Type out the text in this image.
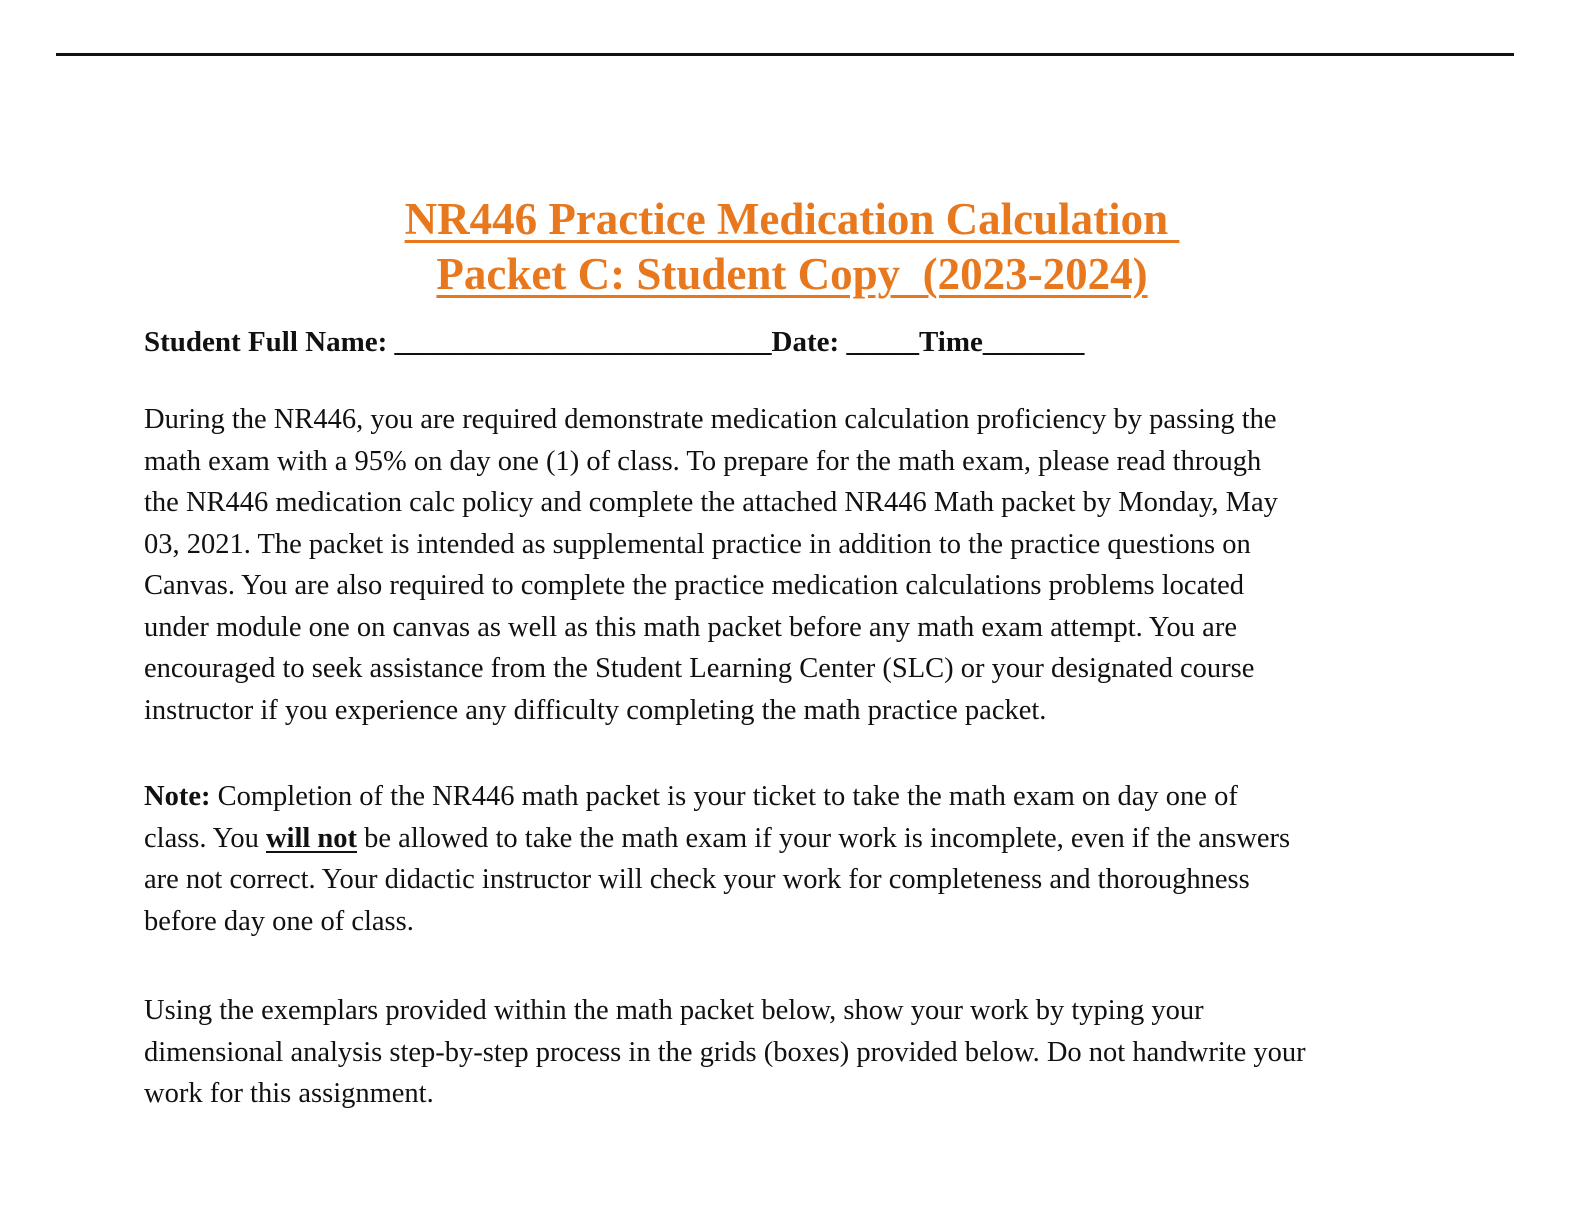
NR446 Practice Medication Calculation
Packet C: Student Copy  (2023-2024)
Student Full Name: __________________________Date: _____Time_______

During the NR446, you are required demonstrate medication calculation proficiency by passing the
math exam with a 95% on day one (1) of class. To prepare for the math exam, please read through
the NR446 medication calc policy and complete the attached NR446 Math packet by Monday, May
03, 2021. The packet is intended as supplemental practice in addition to the practice questions on
Canvas. You are also required to complete the practice medication calculations problems located
under module one on canvas as well as this math packet before any math exam attempt. You are
encouraged to seek assistance from the Student Learning Center (SLC) or your designated course
instructor if you experience any difficulty completing the math practice packet.

Note: Completion of the NR446 math packet is your ticket to take the math exam on day one of
class. You will not be allowed to take the math exam if your work is incomplete, even if the answers
are not correct. Your didactic instructor will check your work for completeness and thoroughness
before day one of class.

Using the exemplars provided within the math packet below, show your work by typing your
dimensional analysis step-by-step process in the grids (boxes) provided below. Do not handwrite your
work for this assignment.
